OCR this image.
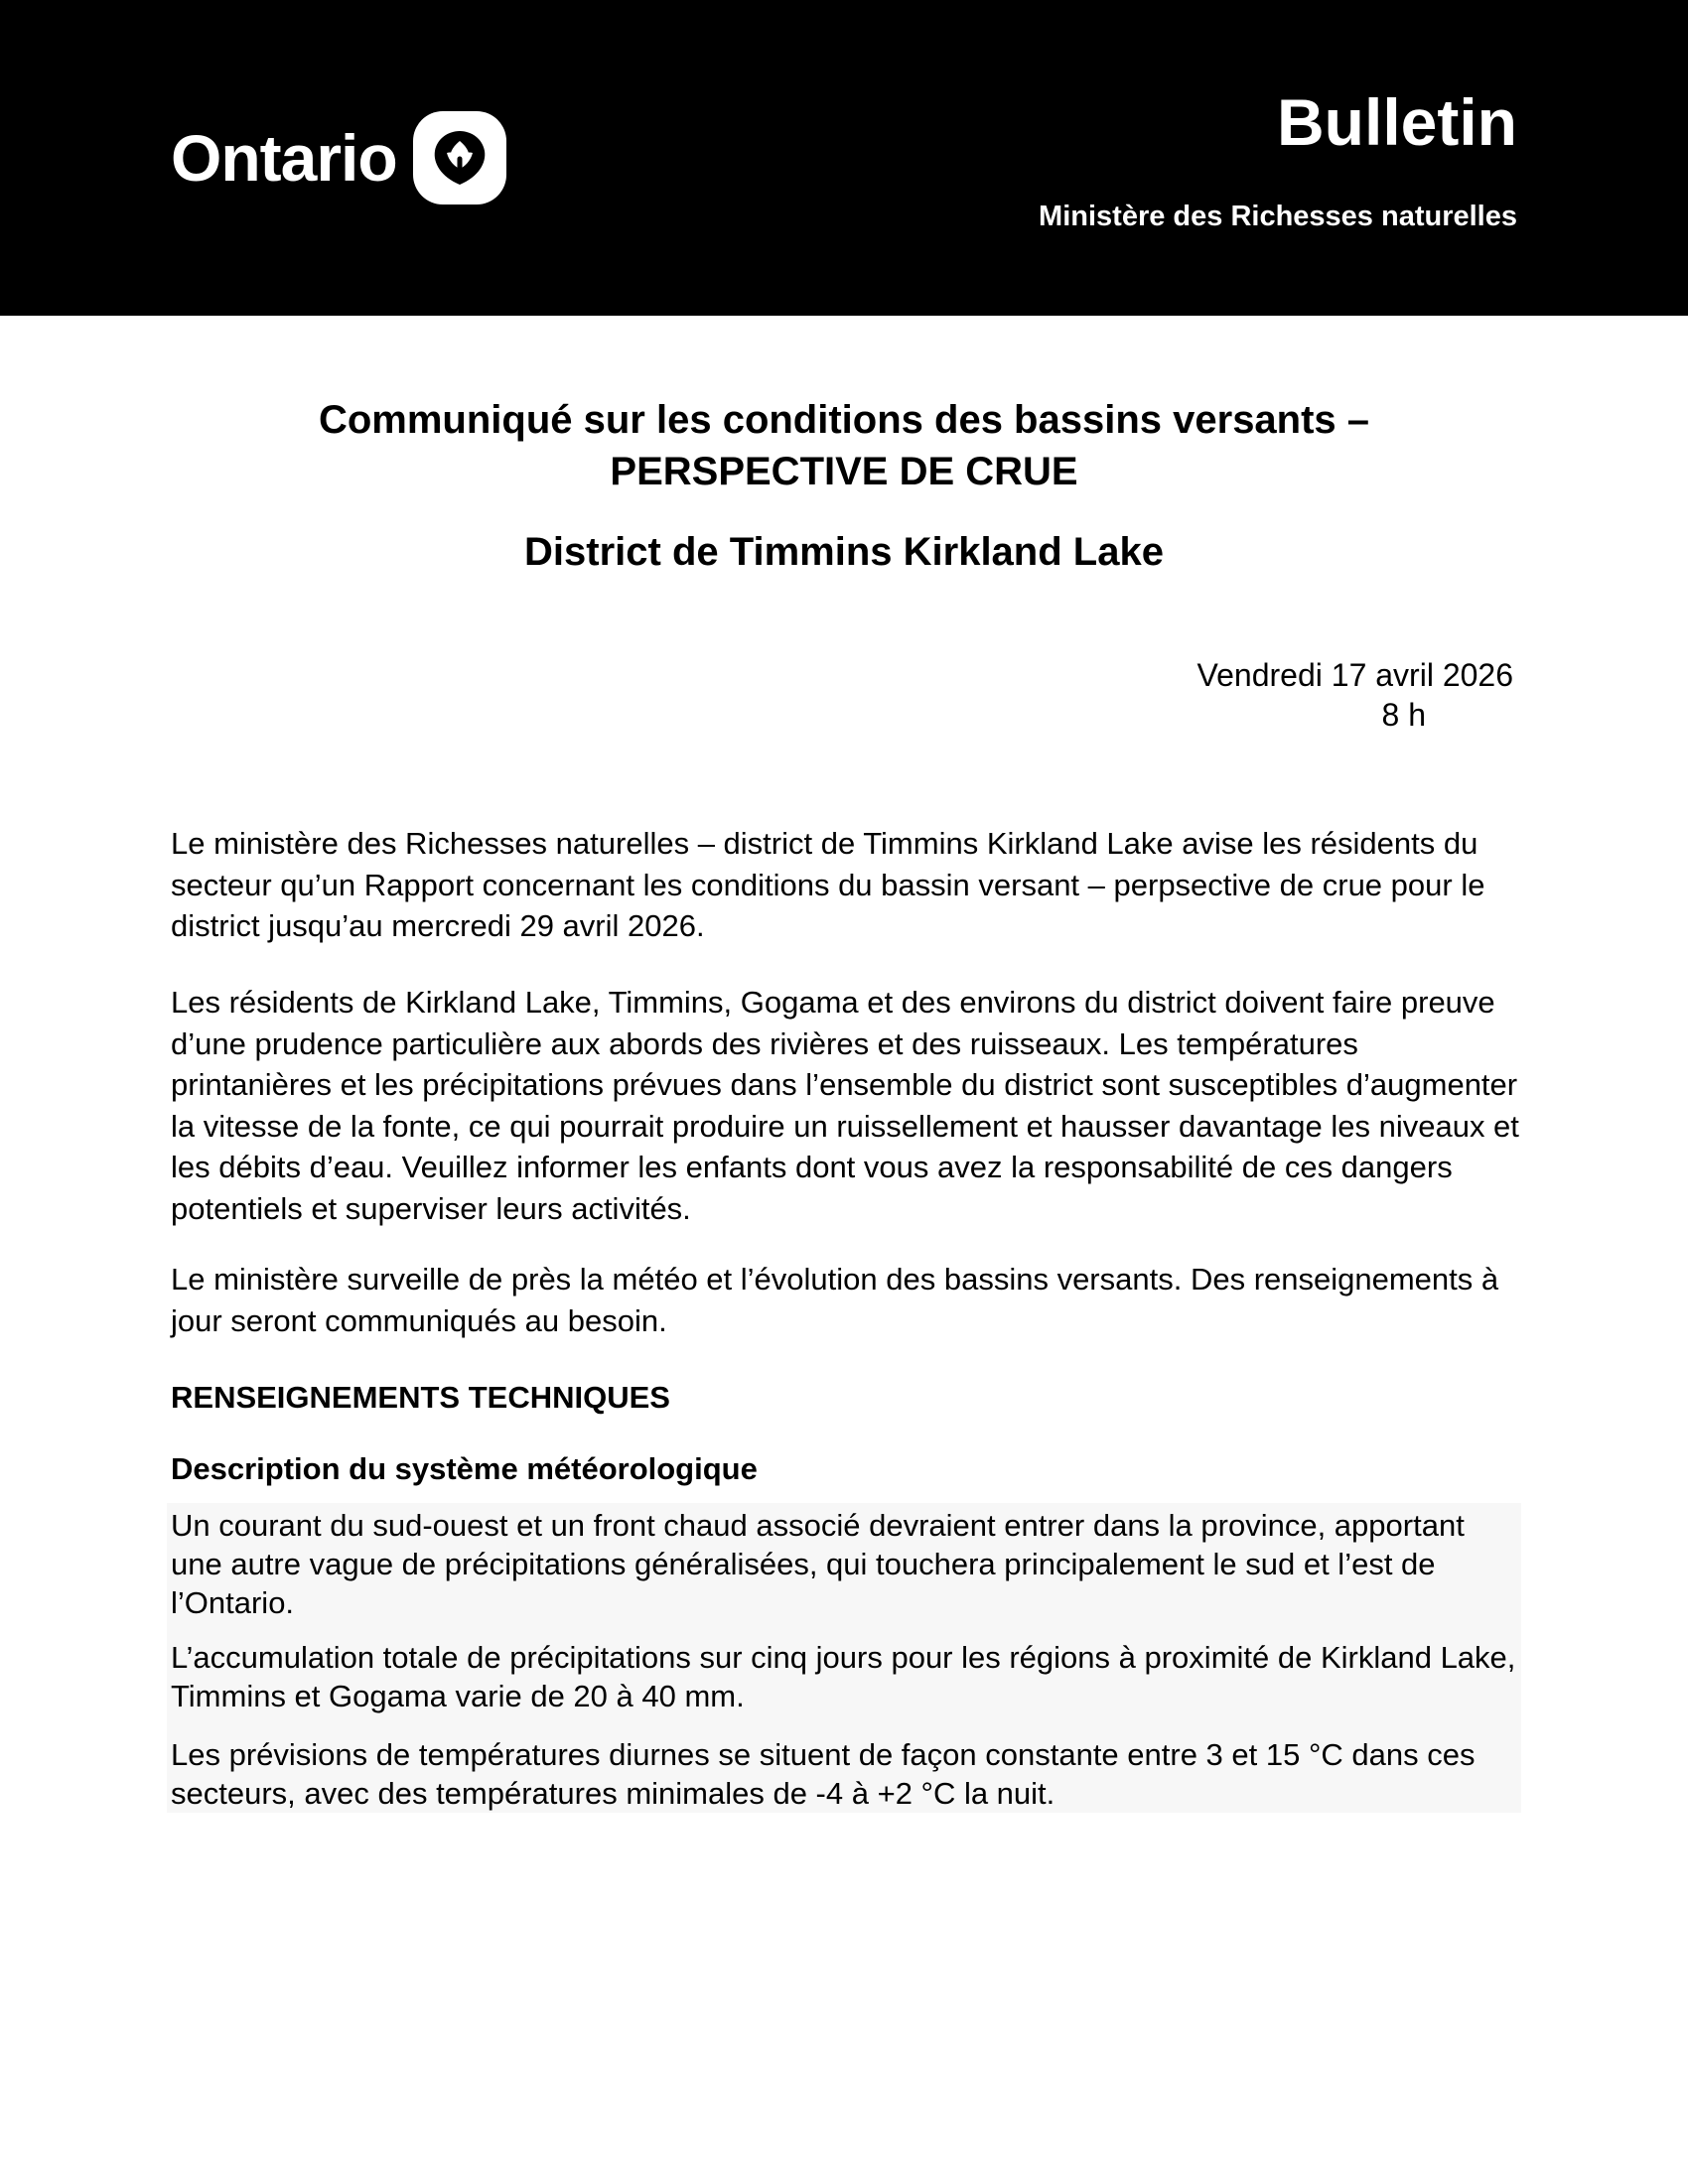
Ontario	Bulletin
Ministère des Richesses naturelles
Communiqué sur les conditions des bassins versants –
PERSPECTIVE DE CRUE
District de Timmins Kirkland Lake
Vendredi 17 avril 2026
8 h

Le ministère des Richesses naturelles – district de Timmins Kirkland Lake avise les résidents du secteur qu’un Rapport concernant les conditions du bassin versant – perpsective de crue pour le district jusqu’au mercredi 29 avril 2026.

Les résidents de Kirkland Lake, Timmins, Gogama et des environs du district doivent faire preuve d’une prudence particulière aux abords des rivières et des ruisseaux. Les températures printanières et les précipitations prévues dans l’ensemble du district sont susceptibles d’augmenter la vitesse de la fonte, ce qui pourrait produire un ruissellement et hausser davantage les niveaux et les débits d’eau. Veuillez informer les enfants dont vous avez la responsabilité de ces dangers potentiels et superviser leurs activités.

Le ministère surveille de près la météo et l’évolution des bassins versants. Des renseignements à jour seront communiqués au besoin.

RENSEIGNEMENTS TECHNIQUES
Description du système météorologique

Un courant du sud-ouest et un front chaud associé devraient entrer dans la province, apportant une autre vague de précipitations généralisées, qui touchera principalement le sud et l’est de l’Ontario.

L’accumulation totale de précipitations sur cinq jours pour les régions à proximité de Kirkland Lake, Timmins et Gogama varie de 20 à 40 mm.

Les prévisions de températures diurnes se situent de façon constante entre 3 et 15 °C dans ces secteurs, avec des températures minimales de -4 à +2 °C la nuit.
